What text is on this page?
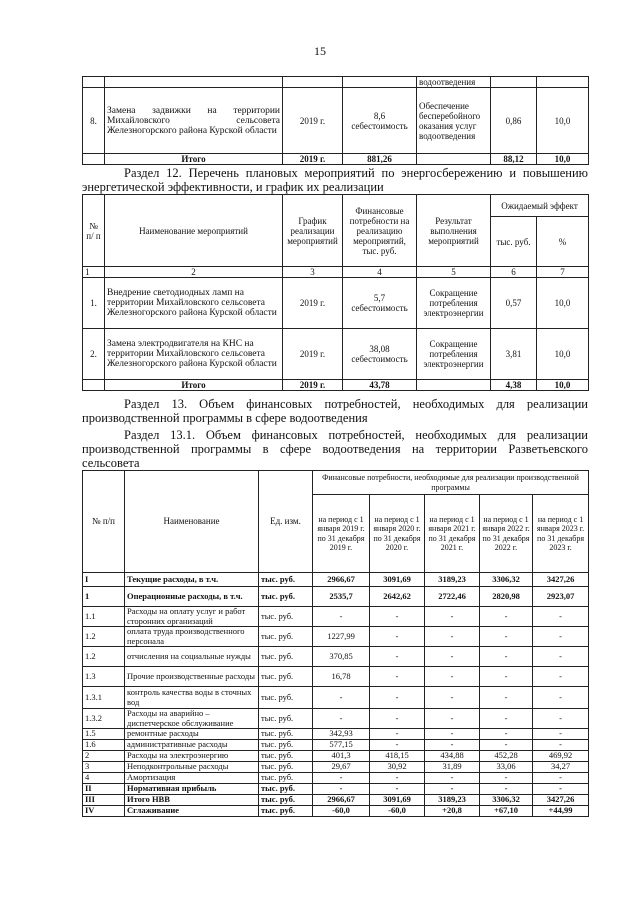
15
				водоотведения		
8.	Замена задвижки на территории Михайловского сельсовета Железногорского района Курской области	2019 г.	8,6 себестоимость	Обеспечение бесперебойного оказания услуг водоотведения	0,86	10,0
	Итого	2019 г.	881,26		88,12	10,0
Раздел 12. Перечень плановых мероприятий по энергосбережению и повышению энергетической эффективности, и график их реализации
№ п/ п	Наименование мероприятий	График реализации мероприятий	Финансовые потребности на реализацию мероприятий, тыс. руб.	Результат выполнения мероприятий	Ожидаемый эффект	
					тыс. руб.	%
1	2	3	4	5	6	7
1.	Внедрение светодиодных ламп на территории Михайловского сельсовета Железногорского района Курской области	2019 г.	5,7 себестоимость	Сокращение потребления электроэнергии	0,57	10,0
2.	Замена электродвигателя на КНС на территории Михайловского сельсовета Железногорского района Курской области	2019 г.	38,08 себестоимость	Сокращение потребления электроэнергии	3,81	10,0
	Итого	2019 г.	43,78		4,38	10,0
Раздел 13. Объем финансовых потребностей, необходимых для реализации производственной программы в сфере водоотведения
Раздел 13.1. Объем финансовых потребностей, необходимых для реализации производственной программы в сфере водоотведения на территории Разветьевского сельсовета
№ п/п	Наименование	Ед. изм.	Финансовые потребности, необходимые для реализации производственной программы				
			на период с 1 января 2019 г. по 31 декабря 2019 г.	на период с 1 января 2020 г. по 31 декабря 2020 г.	на период с 1 января 2021 г. по 31 декабря 2021 г.	на период с 1 января 2022 г. по 31 декабря 2022 г.	на период с 1 января 2023 г. по 31 декабря 2023 г.
I	Текущие расходы, в т.ч.	тыс. руб.	2966,67	3091,69	3189,23	3306,32	3427,26
1	Операционные расходы, в т.ч.	тыс. руб.	2535,7	2642,62	2722,46	2820,98	2923,07
1.1	Расходы на оплату услуг и работ сторонних организаций	тыс. руб.	-	-	-	-	-
1.2	оплата труда производственного персонала	тыс. руб.	1227,99	-	-	-	-
1.2	отчисления на социальные нужды	тыс. руб.	370,85	-	-	-	-
1.3	Прочие производственные расходы	тыс. руб.	16,78	-	-	-	-
1.3.1	контроль качества воды в сточных вод	тыс. руб.	-	-	-	-	-
1.3.2	Расходы на аварийно – диспетчерское обслуживание	тыс. руб.	-	-	-	-	-
1.5	ремонтные расходы	тыс. руб.	342,93	-	-	-	-
1.6	административные расходы	тыс. руб.	577,15	-	-	-	-
2	Расходы на электроэнергию	тыс. руб.	401,3	418,15	434,88	452,28	469,92
3	Неподконтрольные расходы	тыс. руб.	29,67	30,92	31,89	33,06	34,27
4	Амортизация	тыс. руб.	-	-	-	-	-
II	Нормативная прибыль	тыс. руб.	-	-	-	-	-
III	Итого НВВ	тыс. руб.	2966,67	3091,69	3189,23	3306,32	3427,26
IV	Сглаживание	тыс. руб.	-60,0	-60,0	+20,8	+67,10	+44,99
